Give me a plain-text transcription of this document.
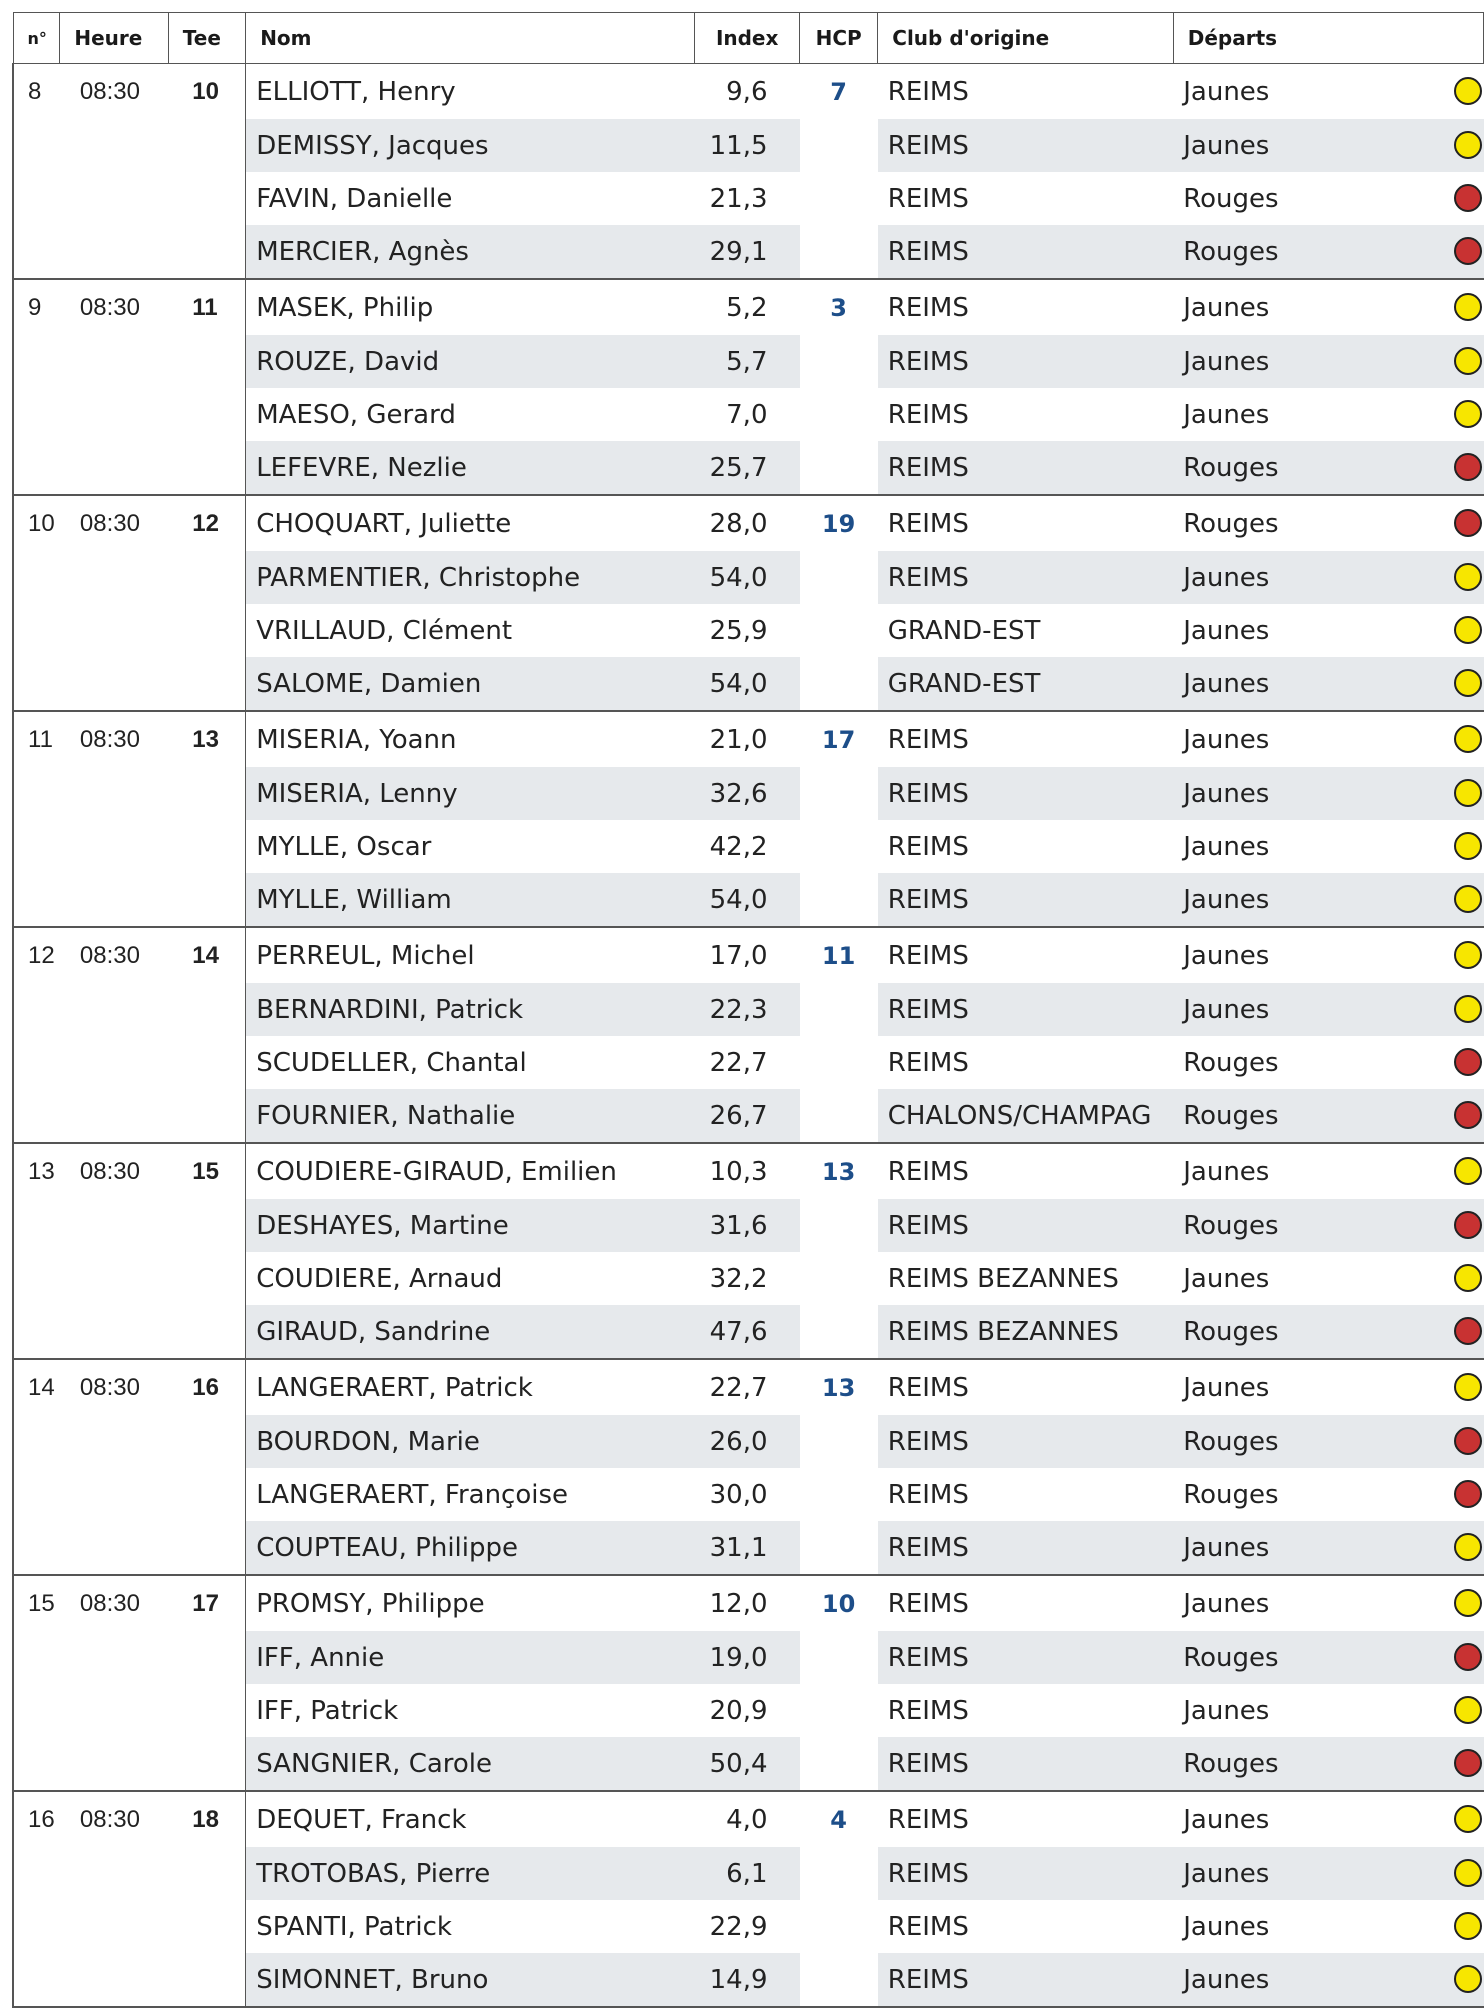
n°	Heure	Tee	Nom	Index	HCP	Club d'origine	Départs
8	08:30	10	ELLIOTT, Henry	9,6	7	REIMS	Jaunes

			DEMISSY, Jacques	11,5		REIMS	Jaunes

			FAVIN, Danielle	21,3		REIMS	Rouges

			MERCIER, Agnès	29,1		REIMS	Rouges

9	08:30	11	MASEK, Philip	5,2	3	REIMS	Jaunes

			ROUZE, David	5,7		REIMS	Jaunes

			MAESO, Gerard	7,0		REIMS	Jaunes

			LEFEVRE, Nezlie	25,7		REIMS	Rouges

10	08:30	12	CHOQUART, Juliette	28,0	19	REIMS	Rouges

			PARMENTIER, Christophe	54,0		REIMS	Jaunes

			VRILLAUD, Clément	25,9		GRAND-EST	Jaunes

			SALOME, Damien	54,0		GRAND-EST	Jaunes

11	08:30	13	MISERIA, Yoann	21,0	17	REIMS	Jaunes

			MISERIA, Lenny	32,6		REIMS	Jaunes

			MYLLE, Oscar	42,2		REIMS	Jaunes

			MYLLE, William	54,0		REIMS	Jaunes

12	08:30	14	PERREUL, Michel	17,0	11	REIMS	Jaunes

			BERNARDINI, Patrick	22,3		REIMS	Jaunes

			SCUDELLER, Chantal	22,7		REIMS	Rouges

			FOURNIER, Nathalie	26,7		CHALONS/CHAMPAG	Rouges

13	08:30	15	COUDIERE-GIRAUD, Emilien	10,3	13	REIMS	Jaunes

			DESHAYES, Martine	31,6		REIMS	Rouges

			COUDIERE, Arnaud	32,2		REIMS BEZANNES	Jaunes

			GIRAUD, Sandrine	47,6		REIMS BEZANNES	Rouges

14	08:30	16	LANGERAERT, Patrick	22,7	13	REIMS	Jaunes

			BOURDON, Marie	26,0		REIMS	Rouges

			LANGERAERT, Françoise	30,0		REIMS	Rouges

			COUPTEAU, Philippe	31,1		REIMS	Jaunes

15	08:30	17	PROMSY, Philippe	12,0	10	REIMS	Jaunes

			IFF, Annie	19,0		REIMS	Rouges

			IFF, Patrick	20,9		REIMS	Jaunes

			SANGNIER, Carole	50,4		REIMS	Rouges

16	08:30	18	DEQUET, Franck	4,0	4	REIMS	Jaunes

			TROTOBAS, Pierre	6,1		REIMS	Jaunes

			SPANTI, Patrick	22,9		REIMS	Jaunes

			SIMONNET, Bruno	14,9		REIMS	Jaunes
